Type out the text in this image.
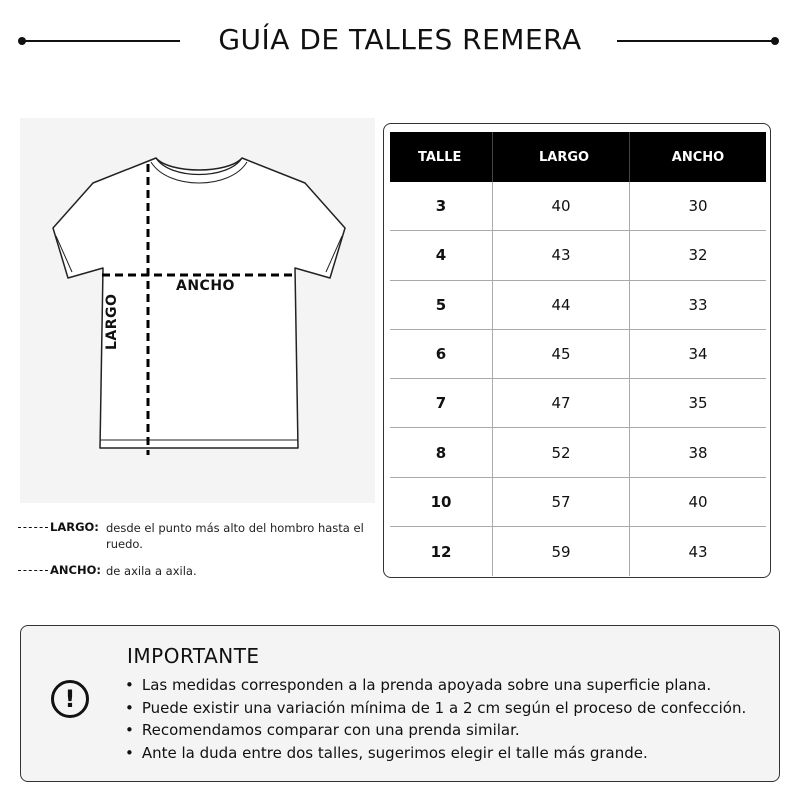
GUÍA DE TALLES REMERA
ANCHO
LARGO
LARGO: desde el punto más alto del hombro hasta el ruedo.
ANCHO: de axila a axila.
TALLE	LARGO	ANCHO
3	40	30
4	43	32
5	44	33
6	45	34
7	47	35
8	52	38
10	57	40
12	59	43
!
IMPORTANTE
• Las medidas corresponden a la prenda apoyada sobre una superficie plana.
• Puede existir una variación mínima de 1 a 2 cm según el proceso de confección.
• Recomendamos comparar con una prenda similar.
• Ante la duda entre dos talles, sugerimos elegir el talle más grande.
